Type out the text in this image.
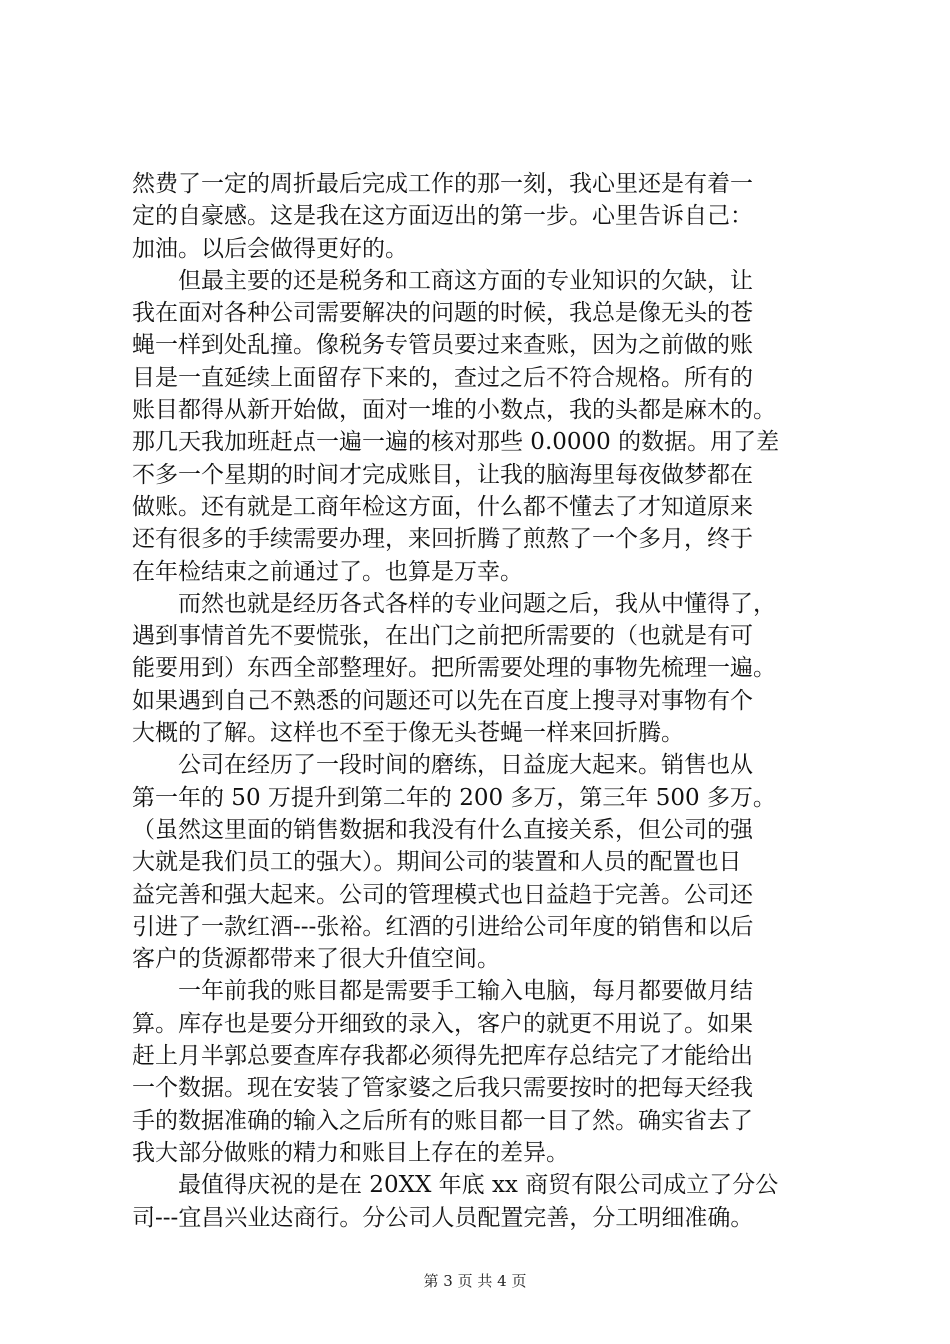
然费了一定的周折最后完成工作的那一刻，我心里还是有着一
定的自豪感。这是我在这方面迈出的第一步。心里告诉自己：
加油。以后会做得更好的。
　　但最主要的还是税务和工商这方面的专业知识的欠缺，让
我在面对各种公司需要解决的问题的时候，我总是像无头的苍
蝇一样到处乱撞。像税务专管员要过来查账，因为之前做的账
目是一直延续上面留存下来的，查过之后不符合规格。所有的
账目都得从新开始做，面对一堆的小数点，我的头都是麻木的。
那几天我加班赶点一遍一遍的核对那些 0.0000 的数据。用了差
不多一个星期的时间才完成账目，让我的脑海里每夜做梦都在
做账。还有就是工商年检这方面，什么都不懂去了才知道原来
还有很多的手续需要办理，来回折腾了煎熬了一个多月，终于
在年检结束之前通过了。也算是万幸。
　　而然也就是经历各式各样的专业问题之后，我从中懂得了，
遇到事情首先不要慌张，在出门之前把所需要的（也就是有可
能要用到）东西全部整理好。把所需要处理的事物先梳理一遍。
如果遇到自己不熟悉的问题还可以先在百度上搜寻对事物有个
大概的了解。这样也不至于像无头苍蝇一样来回折腾。
　　公司在经历了一段时间的磨练，日益庞大起来。销售也从
第一年的 50 万提升到第二年的 200 多万，第三年 500 多万。
（虽然这里面的销售数据和我没有什么直接关系，但公司的强
大就是我们员工的强大）。期间公司的装置和人员的配置也日
益完善和强大起来。公司的管理模式也日益趋于完善。公司还
引进了一款红酒---张裕。红酒的引进给公司年度的销售和以后
客户的货源都带来了很大升值空间。
　　一年前我的账目都是需要手工输入电脑，每月都要做月结
算。库存也是要分开细致的录入，客户的就更不用说了。如果
赶上月半郭总要查库存我都必须得先把库存总结完了才能给出
一个数据。现在安装了管家婆之后我只需要按时的把每天经我
手的数据准确的输入之后所有的账目都一目了然。确实省去了
我大部分做账的精力和账目上存在的差异。
　　最值得庆祝的是在 20XX 年底 xx 商贸有限公司成立了分公
司---宜昌兴业达商行。分公司人员配置完善，分工明细准确。
第 3 页 共 4 页
